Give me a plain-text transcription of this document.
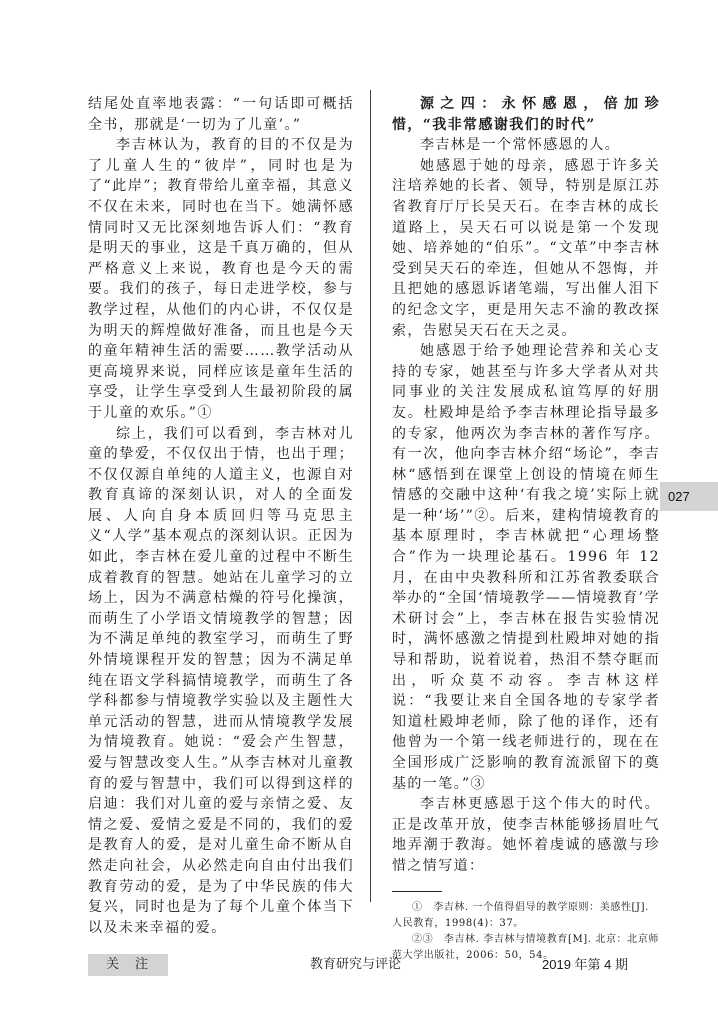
结尾处直率地表露：“一句话即可概括全书，那就是‘一切为了儿童’。”

李吉林认为，教育的目的不仅是为了儿童人生的“彼岸”，同时也是为了“此岸”；教育带给儿童幸福，其意义不仅在未来，同时也在当下。她满怀感情同时又无比深刻地告诉人们：“教育是明天的事业，这是千真万确的，但从严格意义上来说，教育也是今天的需要。我们的孩子，每日走进学校，参与教学过程，从他们的内心讲，不仅仅是为明天的辉煌做好准备，而且也是今天的童年精神生活的需要……教学活动从更高境界来说，同样应该是童年生活的享受，让学生享受到人生最初阶段的属于儿童的欢乐。”①

综上，我们可以看到，李吉林对儿童的挚爱，不仅仅出于情，也出于理；不仅仅源自单纯的人道主义，也源自对教育真谛的深刻认识，对人的全面发展、人向自身本质回归等马克思主义“人学”基本观点的深刻认识。正因为如此，李吉林在爱儿童的过程中不断生成着教育的智慧。她站在儿童学习的立场上，因为不满意枯燥的符号化操演，而萌生了小学语文情境教学的智慧；因为不满足单纯的教室学习，而萌生了野外情境课程开发的智慧；因为不满足单纯在语文学科搞情境教学，而萌生了各学科都参与情境教学实验以及主题性大单元活动的智慧，进而从情境教学发展为情境教育。她说：“爱会产生智慧，爱与智慧改变人生。”从李吉林对儿童教育的爱与智慧中，我们可以得到这样的启迪：我们对儿童的爱与亲情之爱、友情之爱、爱情之爱是不同的，我们的爱是教育人的爱，是对儿童生命不断从自然走向社会，从必然走向自由付出我们教育劳动的爱，是为了中华民族的伟大复兴，同时也是为了每个儿童个体当下以及未来幸福的爱。

源之四：永怀感恩，倍加珍惜，“我非常感谢我们的时代”

李吉林是一个常怀感恩的人。

她感恩于她的母亲，感恩于许多关注培养她的长者、领导，特别是原江苏省教育厅厅长吴天石。在李吉林的成长道路上，吴天石可以说是第一个发现她、培养她的“伯乐”。“文革”中李吉林受到吴天石的牵连，但她从不怨悔，并且把她的感恩诉诸笔端，写出催人泪下的纪念文字，更是用矢志不渝的教改探索，告慰吴天石在天之灵。

她感恩于给予她理论营养和关心支持的专家，她甚至与许多大学者从对共同事业的关注发展成私谊笃厚的好朋友。杜殿坤是给予李吉林理论指导最多的专家，他两次为李吉林的著作写序。有一次，他向李吉林介绍“场论”，李吉林“感悟到在课堂上创设的情境在师生情感的交融中这种‘有我之境’实际上就是一种‘场’”②。后来，建构情境教育的基本原理时，李吉林就把“心理场整合”作为一块理论基石。1996 年 12 月，在由中央教科所和江苏省教委联合举办的“全国‘情境教学——情境教育’学术研讨会”上，李吉林在报告实验情况时，满怀感激之情提到杜殿坤对她的指导和帮助，说着说着，热泪不禁夺眶而出，听众莫不动容。李吉林这样说：“我要让来自全国各地的专家学者知道杜殿坤老师，除了他的译作，还有他曾为一个第一线老师进行的，现在在全国形成广泛影响的教育流派留下的奠基的一笔。”③

李吉林更感恩于这个伟大的时代。正是改革开放，使李吉林能够扬眉吐气地弄潮于教海。她怀着虔诚的感激与珍惜之情写道：

①　李吉林. 一个值得倡导的教学原则：美感性[J]. 人民教育，1998(4)：37。

②③　李吉林. 李吉林与情境教育[M]. 北京：北京师范大学出版社，2006：50，54。

027
关注	教育研究与评论	2019 年第 4 期
